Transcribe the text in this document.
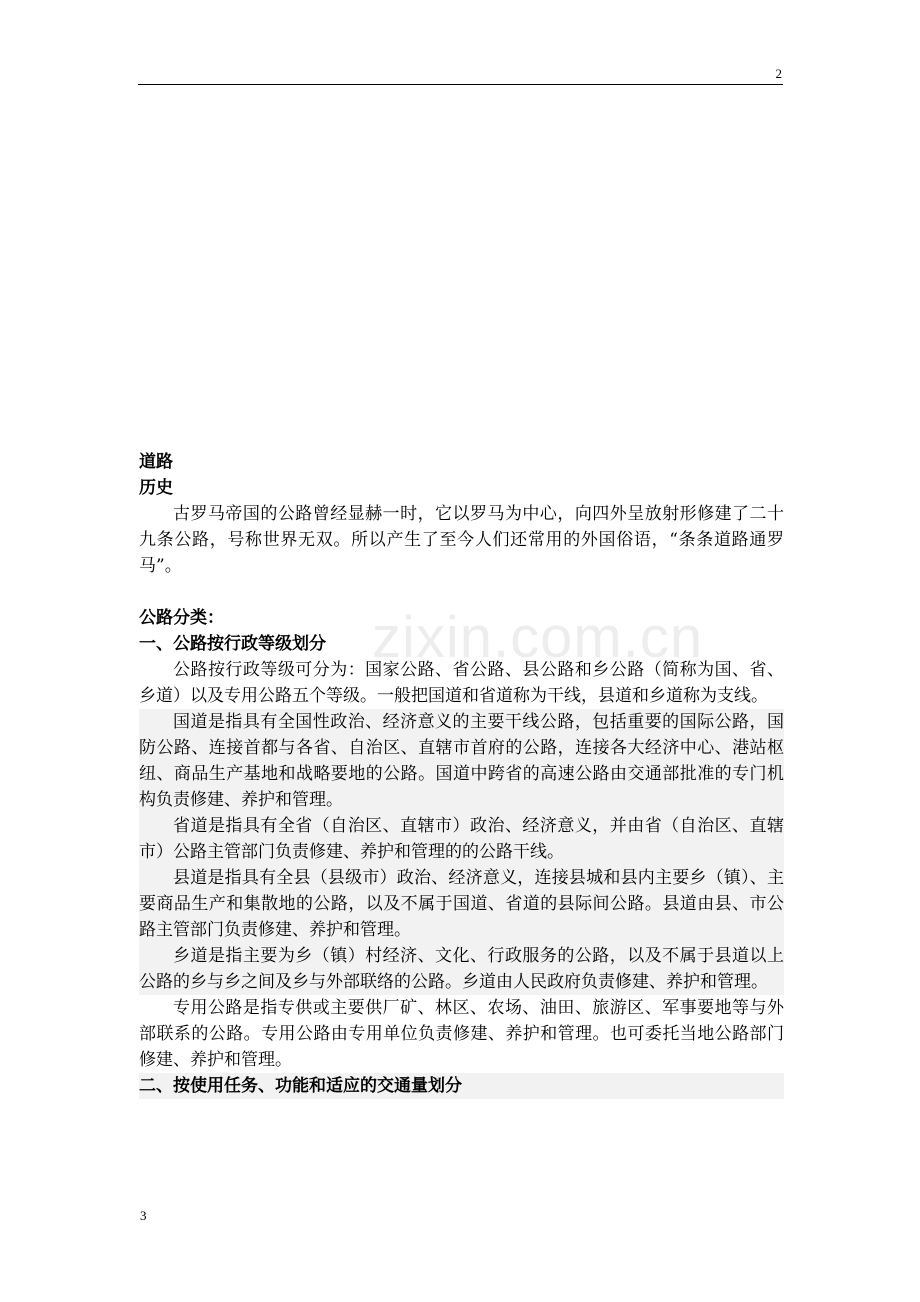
2
zixin.com.cn
道路
历史

古罗马帝国的公路曾经显赫一时，它以罗马为中心，向四外呈放射形修建了二十九条公路，号称世界无双。所以产生了至今人们还常用的外国俗语，“条条道路通罗马”。

公路分类：
一、公路按行政等级划分

公路按行政等级可分为：国家公路、省公路、县公路和乡公路（简称为国、省、乡道）以及专用公路五个等级。一般把国道和省道称为干线，县道和乡道称为支线。

国道是指具有全国性政治、经济意义的主要干线公路，包括重要的国际公路，国防公路、连接首都与各省、自治区、直辖市首府的公路，连接各大经济中心、港站枢纽、商品生产基地和战略要地的公路。国道中跨省的高速公路由交通部批准的专门机构负责修建、养护和管理。

省道是指具有全省（自治区、直辖市）政治、经济意义，并由省（自治区、直辖市）公路主管部门负责修建、养护和管理的的公路干线。

县道是指具有全县（县级市）政治、经济意义，连接县城和县内主要乡（镇）、主要商品生产和集散地的公路，以及不属于国道、省道的县际间公路。县道由县、市公路主管部门负责修建、养护和管理。

乡道是指主要为乡（镇）村经济、文化、行政服务的公路，以及不属于县道以上公路的乡与乡之间及乡与外部联络的公路。乡道由人民政府负责修建、养护和管理。

专用公路是指专供或主要供厂矿、林区、农场、油田、旅游区、军事要地等与外部联系的公路。专用公路由专用单位负责修建、养护和管理。也可委托当地公路部门修建、养护和管理。

二、按使用任务、功能和适应的交通量划分
3
